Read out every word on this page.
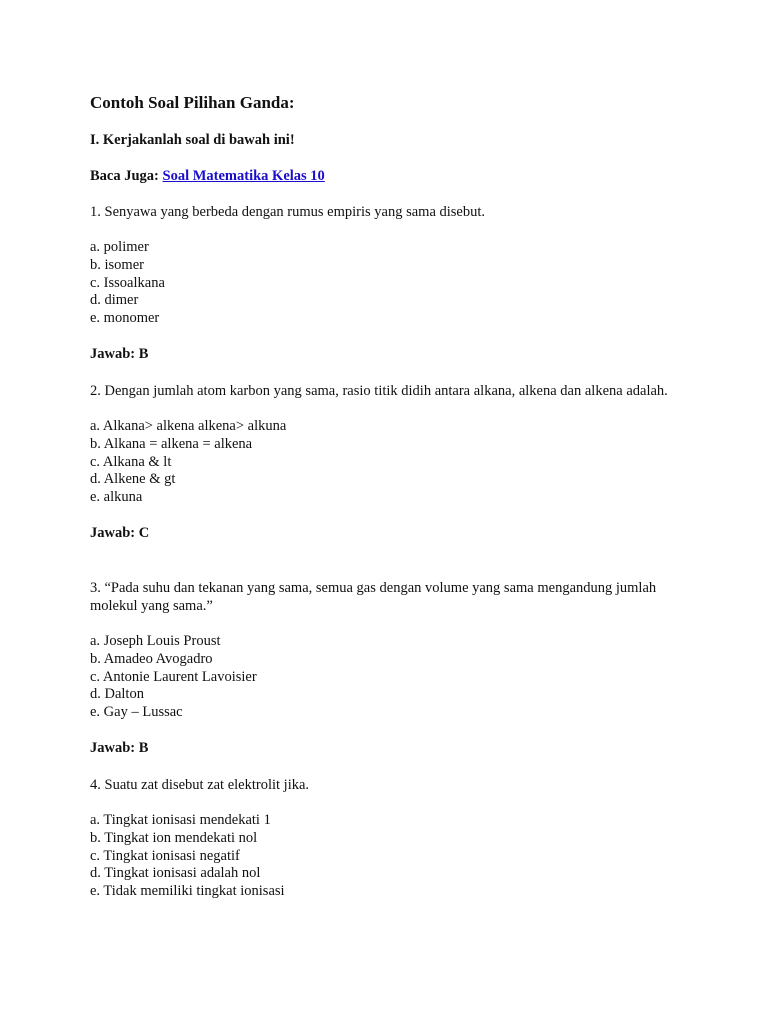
Contoh Soal Pilihan Ganda:

I. Kerjakanlah soal di bawah ini!

Baca Juga: Soal Matematika Kelas 10

1. Senyawa yang berbeda dengan rumus empiris yang sama disebut.

a. polimer
b. isomer
c. Issoalkana
d. dimer
e. monomer

Jawab: B

2. Dengan jumlah atom karbon yang sama, rasio titik didih antara alkana, alkena dan alkena adalah.

a. Alkana> alkena alkena> alkuna
b. Alkana = alkena = alkena
c. Alkana & lt
d. Alkene & gt
e. alkuna

Jawab: C

3. “Pada suhu dan tekanan yang sama, semua gas dengan volume yang sama mengandung jumlah molekul yang sama.”

a. Joseph Louis Proust
b. Amadeo Avogadro
c. Antonie Laurent Lavoisier
d. Dalton
e. Gay – Lussac

Jawab: B

4. Suatu zat disebut zat elektrolit jika.

a. Tingkat ionisasi mendekati 1
b. Tingkat ion mendekati nol
c. Tingkat ionisasi negatif
d. Tingkat ionisasi adalah nol
e. Tidak memiliki tingkat ionisasi
